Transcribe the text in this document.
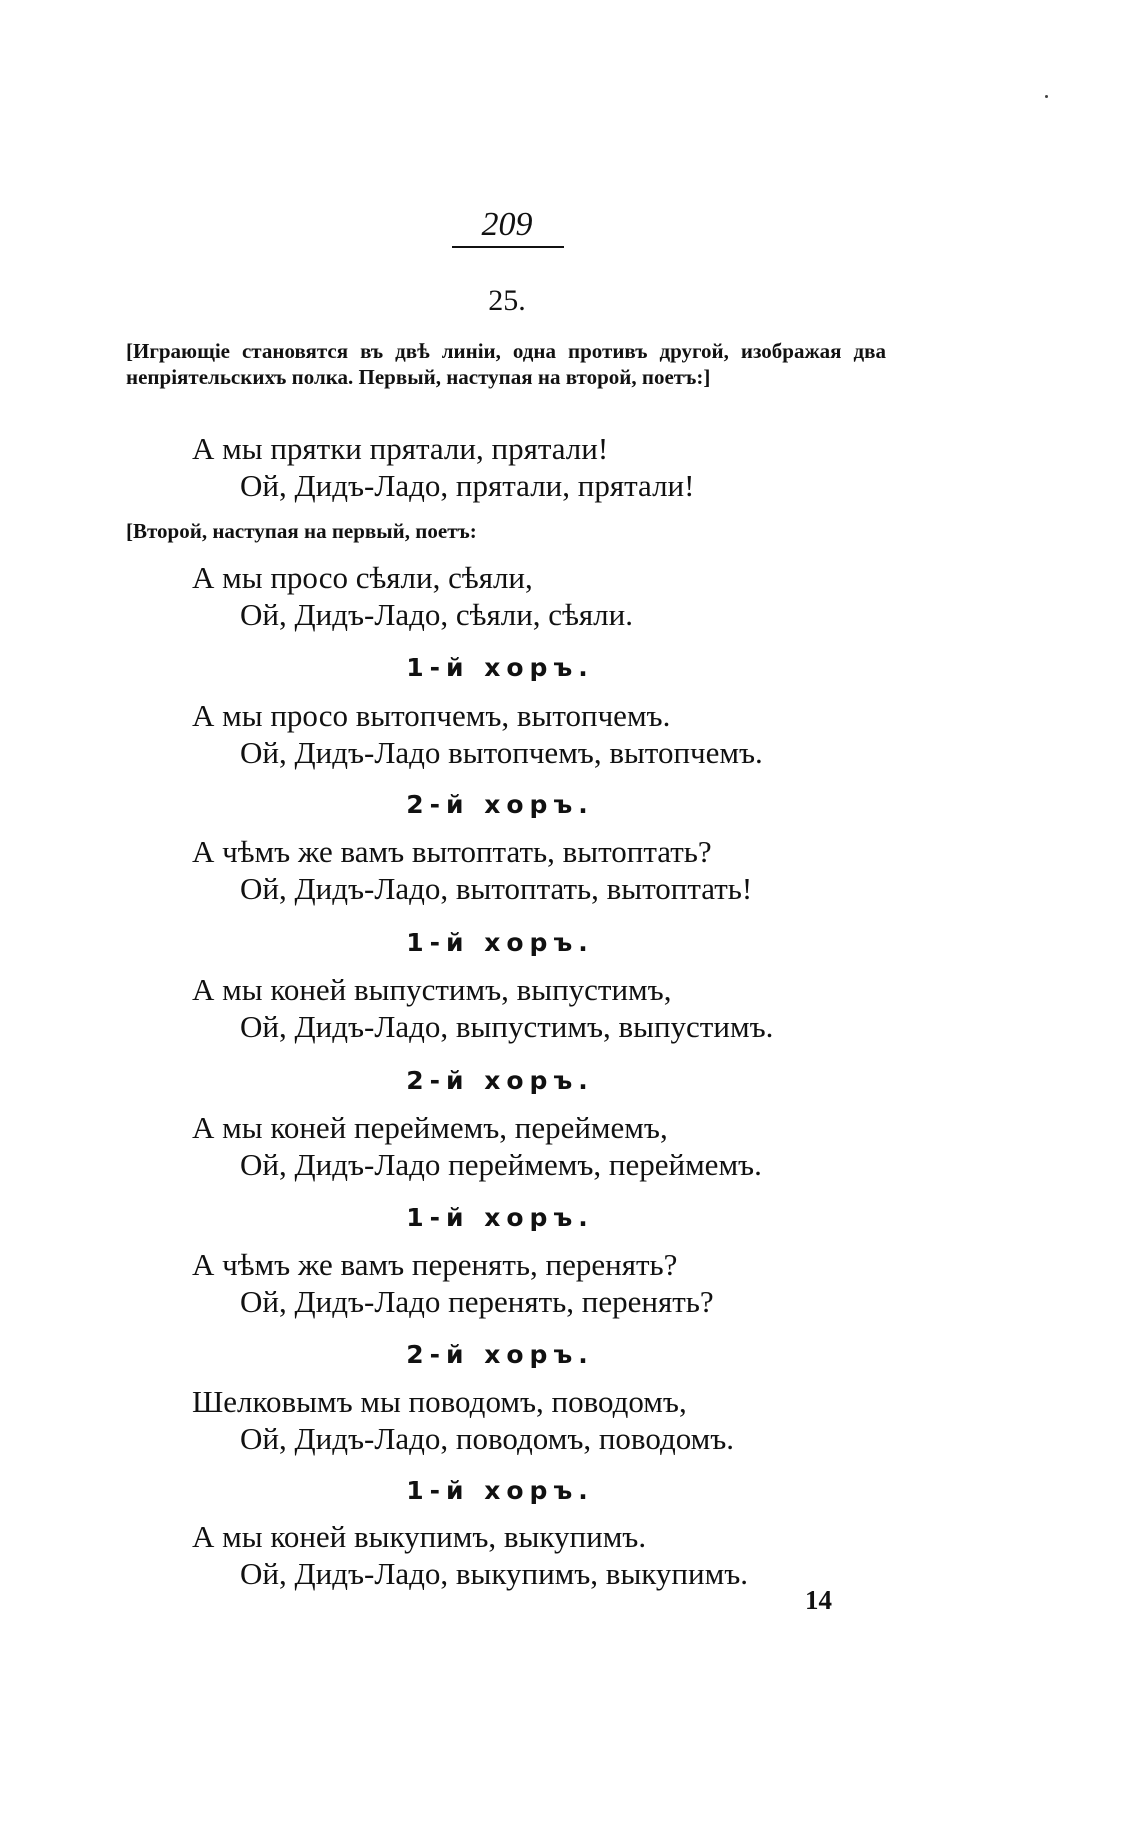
209
25.
[Играющіе становятся въ двѣ линіи, одна противъ другой, изображая два непріятельскихъ полка. Первый, наступая на второй, поетъ:]
А мы прятки прятали, прятали!
Ой, Дидъ-Ладо, прятали, прятали!
[Второй, наступая на первый, поетъ:
А мы просо сѣяли, сѣяли,
Ой, Дидъ-Ладо, сѣяли, сѣяли.
1-й хоръ.
А мы просо вытопчемъ, вытопчемъ.
Ой, Дидъ-Ладо вытопчемъ, вытопчемъ.
2-й хоръ.
А чѣмъ же вамъ вытоптать, вытоптать?
Ой, Дидъ-Ладо, вытоптать, вытоптать!
1-й хоръ.
А мы коней выпустимъ, выпустимъ,
Ой, Дидъ-Ладо, выпустимъ, выпустимъ.
2-й хоръ.
А мы коней переймемъ, переймемъ,
Ой, Дидъ-Ладо переймемъ, переймемъ.
1-й хоръ.
А чѣмъ же вамъ перенять, перенять?
Ой, Дидъ-Ладо перенять, перенять?
2-й хоръ.
Шелковымъ мы поводомъ, поводомъ,
Ой, Дидъ-Ладо, поводомъ, поводомъ.
1-й хоръ.
А мы коней выкупимъ, выкупимъ.
Ой, Дидъ-Ладо, выкупимъ, выкупимъ.
14
